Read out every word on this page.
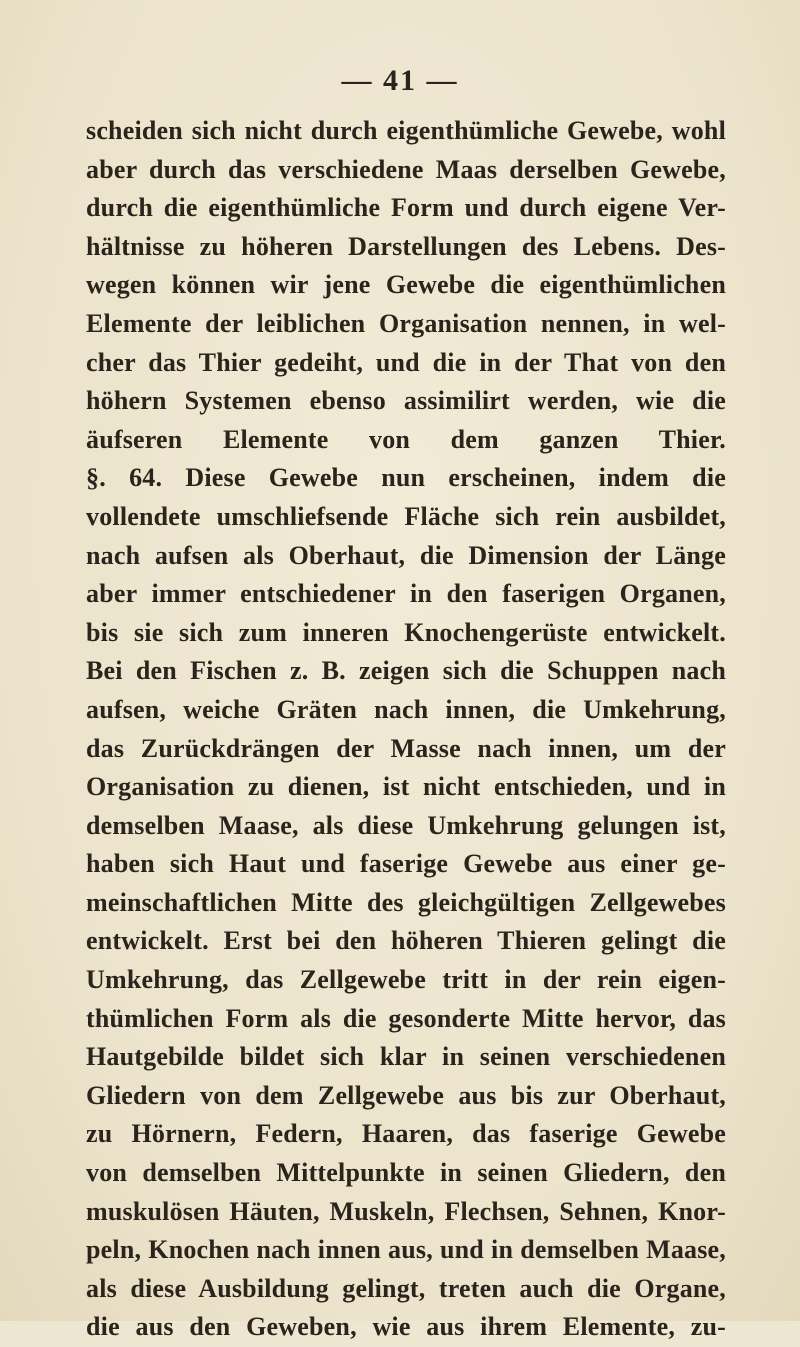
— 41 —
scheiden sich nicht durch eigenthümliche Gewebe, wohl
aber durch das verschiedene Maas derselben Gewebe,
durch die eigenthümliche Form und durch eigene Ver-
hältnisse zu höheren Darstellungen des Lebens. Des-
wegen können wir jene Gewebe die eigenthümlichen
Elemente der leiblichen Organisation nennen, in wel-
cher das Thier gedeiht, und die in der That von den
höhern Systemen ebenso assimilirt werden, wie die
äufseren Elemente von dem ganzen Thier.
§. 64. Diese Gewebe nun erscheinen, indem die
vollendete umschliefsende Fläche sich rein ausbildet,
nach aufsen als Oberhaut, die Dimension der Länge
aber immer entschiedener in den faserigen Organen,
bis sie sich zum inneren Knochengerüste entwickelt.
Bei den Fischen z. B. zeigen sich die Schuppen nach
aufsen, weiche Gräten nach innen, die Umkehrung,
das Zurückdrängen der Masse nach innen, um der
Organisation zu dienen, ist nicht entschieden, und in
demselben Maase, als diese Umkehrung gelungen ist,
haben sich Haut und faserige Gewebe aus einer ge-
meinschaftlichen Mitte des gleichgültigen Zellgewebes
entwickelt. Erst bei den höheren Thieren gelingt die
Umkehrung, das Zellgewebe tritt in der rein eigen-
thümlichen Form als die gesonderte Mitte hervor, das
Hautgebilde bildet sich klar in seinen verschiedenen
Gliedern von dem Zellgewebe aus bis zur Oberhaut,
zu Hörnern, Federn, Haaren, das faserige Gewebe
von demselben Mittelpunkte in seinen Gliedern, den
muskulösen Häuten, Muskeln, Flechsen, Sehnen, Knor-
peln, Knochen nach innen aus, und in demselben Maase,
als diese Ausbildung gelingt, treten auch die Organe,
die aus den Geweben, wie aus ihrem Elemente, zu-
